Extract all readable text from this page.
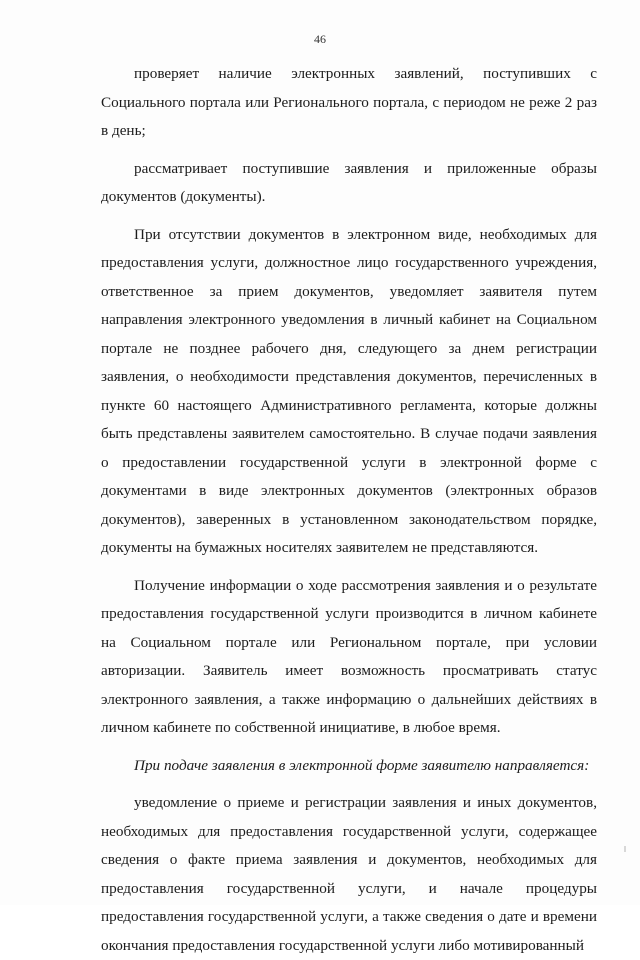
46

проверяет наличие электронных заявлений, поступивших с Социального портала или Регионального портала, с периодом не реже 2 раз в день;

рассматривает поступившие заявления и приложенные образы документов (документы).

При отсутствии документов в электронном виде, необходимых для предоставления услуги, должностное лицо государственного учреждения, ответственное за прием документов, уведомляет заявителя путем направления электронного уведомления в личный кабинет на Социальном портале не позднее рабочего дня, следующего за днем регистрации заявления, о необходимости представления документов, перечисленных в пункте 60 настоящего Административного регламента, которые должны быть представлены заявителем самостоятельно. В случае подачи заявления о предоставлении государственной услуги в электронной форме с документами в виде электронных документов (электронных образов документов), заверенных в установленном законодательством порядке, документы на бумажных носителях заявителем не представляются.

Получение информации о ходе рассмотрения заявления и о результате предоставления государственной услуги производится в личном кабинете на Социальном портале или Региональном портале, при условии авторизации. Заявитель имеет возможность просматривать статус электронного заявления, а также информацию о дальнейших действиях в личном кабинете по собственной инициативе, в любое время.

При подаче заявления в электронной форме заявителю направляется:

уведомление о приеме и регистрации заявления и иных документов, необходимых для предоставления государственной услуги, содержащее сведения о факте приема заявления и документов, необходимых для предоставления государственной услуги, и начале процедуры предоставления государственной услуги, а также сведения о дате и времени окончания предоставления государственной услуги либо мотивированный
